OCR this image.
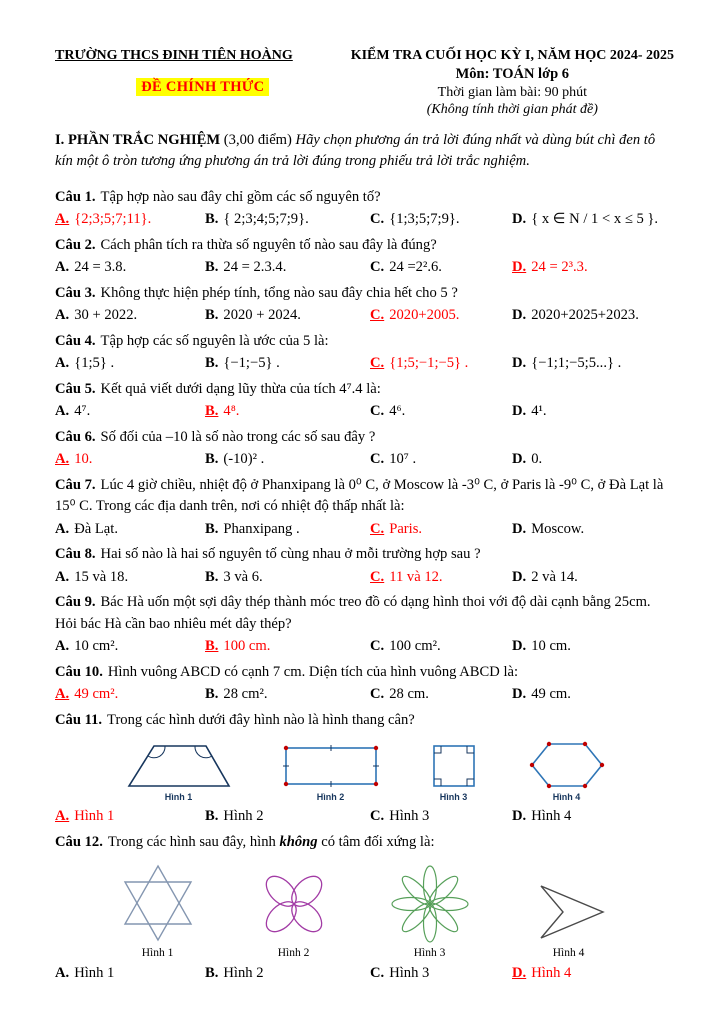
TRƯỜNG THCS ĐINH TIÊN HOÀNG
ĐỀ CHÍNH THỨC
KIỂM TRA CUỐI HỌC KỲ I, NĂM HỌC 2024- 2025
Môn: TOÁN lớp 6
Thời gian làm bài: 90 phút
(Không tính thời gian phát đề)

I. PHẦN TRẮC NGHIỆM (3,00 điểm) Hãy chọn phương án trả lời đúng nhất và dùng bút chì đen tô kín một ô tròn tương ứng phương án trả lời đúng trong phiếu trả lời trắc nghiệm.

Câu 1. Tập hợp nào sau đây chỉ gồm các số nguyên tố?

A. {2;3;5;7;11}.	B. { 2;3;4;5;7;9}.	C. {1;3;5;7;9}.	D. { x ∈ N / 1 < x ≤ 5 }.

Câu 2. Cách phân tích ra thừa số nguyên tố nào sau đây là đúng?

A. 24 = 3.8.	B. 24 = 2.3.4.	C. 24 =2².6.	D. 24 = 2³.3.

Câu 3. Không thực hiện phép tính, tổng nào sau đây chia hết cho 5 ?

A. 30 + 2022.	B. 2020 + 2024.	C. 2020+2005.	D. 2020+2025+2023.

Câu 4. Tập hợp các số nguyên là ước của 5 là:

A. {1;5} .	B. {−1;−5} .	C. {1;5;−1;−5} .	D. {−1;1;−5;5...} .

Câu 5. Kết quả viết dưới dạng lũy thừa của tích 4⁷.4 là:

A. 4⁷.	B. 4⁸.	C. 4⁶.	D. 4¹.

Câu 6. Số đối của –10 là số nào trong các số sau đây ?

A. 10.	B. (-10)² .	C. 10⁷ .	D. 0.

Câu 7. Lúc 4 giờ chiều, nhiệt độ ở Phanxipang là 0⁰ C, ở Moscow là -3⁰ C, ở Paris là -9⁰ C, ở Đà Lạt là 15⁰ C. Trong các địa danh trên, nơi có nhiệt độ thấp nhất là:

A. Đà Lạt.	B. Phanxipang .	C. Paris.	D. Moscow.

Câu 8. Hai số nào là hai số nguyên tố cùng nhau ở mỗi trường hợp sau ?

A. 15 và 18.	B. 3 và 6.	C. 11 và 12.	D. 2 và 14.

Câu 9. Bác Hà uốn một sợi dây thép thành móc treo đồ có dạng hình thoi với độ dài cạnh bằng 25cm. Hỏi bác Hà cần bao nhiêu mét dây thép?

A. 10 cm².	B. 100 cm.	C. 100 cm².	D. 10 cm.

Câu 10. Hình vuông ABCD có cạnh 7 cm. Diện tích của hình vuông ABCD là:

A. 49 cm².	B. 28 cm².	C. 28 cm.	D. 49 cm.

Câu 11. Trong các hình dưới đây hình nào là hình thang cân?

Hình 1	Hình 2	Hình 3	Hình 4
A. Hình 1	B. Hình 2	C. Hình 3	D. Hình 4

Câu 12. Trong các hình sau đây, hình không có tâm đối xứng là:

Hình 1	Hình 2	Hình 3	Hình 4
A. Hình 1	B. Hình 2	C. Hình 3	D. Hình 4
